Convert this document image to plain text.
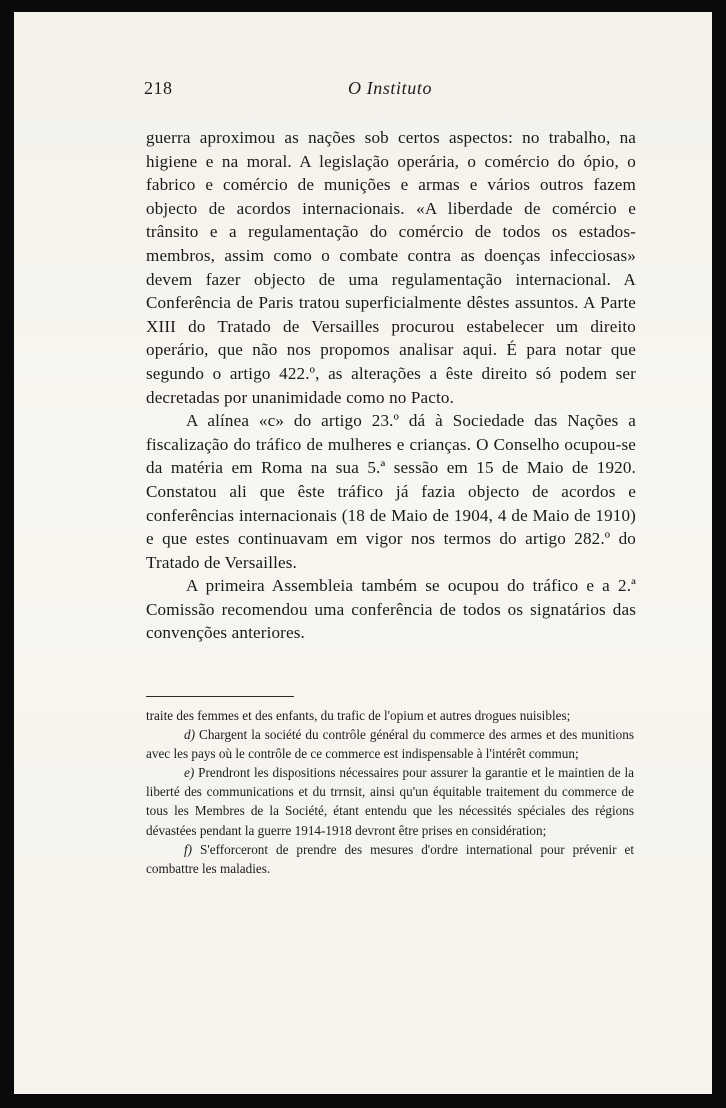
218	O Instituto

guerra aproximou as nações sob certos aspectos: no trabalho, na higiene e na moral. A legislação operária, o comércio do ópio, o fabrico e comércio de munições e armas e vários outros fazem objecto de acordos internacionais. «A liberdade de comércio e trânsito e a regulamentação do comércio de todos os estados-membros, assim como o combate contra as doenças infecciosas» devem fazer objecto de uma regulamentação internacional. A Conferência de Paris tratou superficialmente dêstes assuntos. A Parte XIII do Tratado de Versailles procurou estabelecer um direito operário, que não nos propomos analisar aqui. É para notar que segundo o artigo 422.º, as alterações a êste direito só podem ser decretadas por unanimidade como no Pacto.

A alínea «c» do artigo 23.º dá à Sociedade das Nações a fiscalização do tráfico de mulheres e crianças. O Conselho ocupou-se da matéria em Roma na sua 5.ª sessão em 15 de Maio de 1920. Constatou ali que êste tráfico já fazia objecto de acordos e conferências internacionais (18 de Maio de 1904, 4 de Maio de 1910) e que estes continuavam em vigor nos termos do artigo 282.º do Tratado de Versailles.

A primeira Assembleia também se ocupou do tráfico e a 2.ª Comissão recomendou uma conferência de todos os signatários das convenções anteriores.

traite des femmes et des enfants, du trafic de l'opium et autres drogues nuisibles;

d) Chargent la société du contrôle général du commerce des armes et des munitions avec les pays où le contrôle de ce commerce est indispensable à l'intérêt commun;

e) Prendront les dispositions nécessaires pour assurer la garantie et le maintien de la liberté des communications et du trrnsit, ainsi qu'un équitable traitement du commerce de tous les Membres de la Société, étant entendu que les nécessités spéciales des régions dévastées pendant la guerre 1914-1918 devront être prises en considération;

f) S'efforceront de prendre des mesures d'ordre international pour prévenir et combattre les maladies.
